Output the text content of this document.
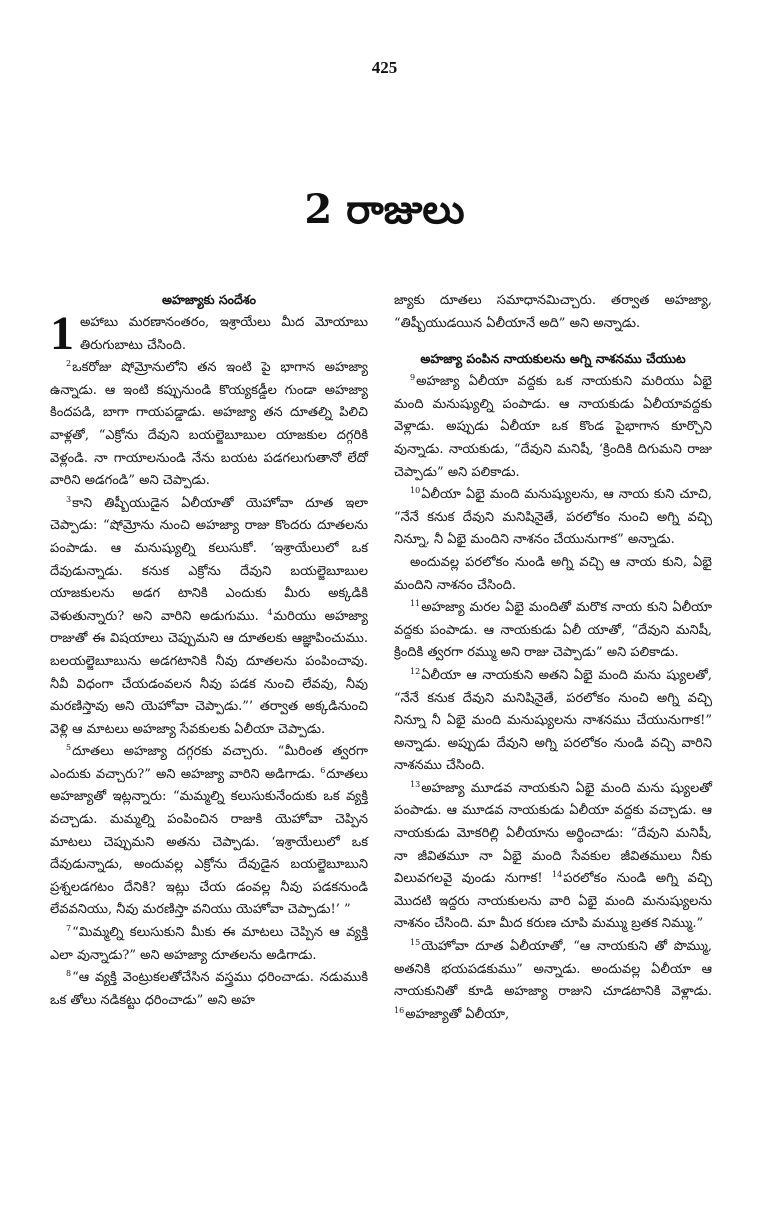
425
2 రాజులు
అహజ్యాకు సందేశం

1 అహాబు మరణానంతరం, ఇశ్రాయేలు మీద మోయాబు తిరుగుబాటు చేసింది.

$^2$ఒకరోజు షోమ్రోనులోని తన ఇంటి పై భాగాన అహజ్యా ఉన్నాడు. ఆ ఇంటి కప్పునుండి కొయ్యకడ్డీల గుండా అహజ్యా కిందపడి, బాగా గాయపడ్డాడు. అహజ్యా తన దూతల్ని పిలిచి వాళ్లతో, “ఎక్రోను దేవుని బయల్జెబూబుల యాజకుల దగ్గరికి వెళ్లండి. నా గాయాలనుండి నేను బయట పడగలుగుతానో లేదో వారిని అడగండి” అని చెప్పాడు.

$^3$కాని తిష్బీయుడైన ఏలీయాతో యెహోవా దూత ఇలా చెప్పాడు: “షోమ్రోను నుంచి అహజ్యా రాజు కొందరు దూతలను పంపాడు. ఆ మనుష్యుల్ని కలుసుకో. ‘ఇశ్రాయేలులో ఒక దేవుడున్నాడు. కనుక ఎక్రోను దేవుని బయల్జెబూబుల యాజకులను అడగ టానికి ఎందుకు మీరు అక్కడికి వెళుతున్నారు? అని వారిని అడుగుము. $^4$మరియు అహజ్యా రాజుతో ఈ విషయాలు చెప్పుమని ఆ దూతలకు ఆజ్ఞాపించుము. బలయల్జెబూబును అడగటానికి నీవు దూతలను పంపించావు. నీవీ విధంగా చేయడంవలన నీవు పడక నుంచి లేవవు, నీవు మరణిస్తావు అని యెహోవా చెప్పాడు.”’ తర్వాత అక్కడినుంచి వెళ్లి ఆ మాటలు అహజ్యా సేవకులకు ఏలీయా చెప్పాడు.

$^5$దూతలు అహజ్యా దగ్గరకు వచ్చారు. “మీరింత త్వరగా ఎందుకు వచ్చారు?” అని అహజ్యా వారిని అడిగాడు. $^6$దూతలు అహజ్యాతో ఇట్లన్నారు: “మమ్మల్ని కలుసుకునేందుకు ఒక వ్యక్తి వచ్చాడు. మమ్మల్ని పంపించిన రాజుకి యెహోవా చెప్పిన మాటలు చెప్పుమని అతను చెప్పాడు. ‘ఇశ్రాయేలులో ఒక దేవుడున్నాడు, అందువల్ల ఎక్రోను దేవుడైన బయల్జెబూబుని ప్రశ్నలడగటం దేనికి? ఇట్లు చేయ డంవల్ల నీవు పడకనుండి లేవవనియు, నీవు మరణిస్తా వనియు యెహోవా చెప్పాడు!’ ”

$^7$“మిమ్మల్ని కలుసుకుని మీకు ఈ మాటలు చెప్పిన ఆ వ్యక్తి ఎలా వున్నాడు?” అని అహజ్యా దూతలను అడిగాడు.

$^8$“ఆ వ్యక్తి వెంట్రుకలతోచేసిన వస్త్రము ధరించాడు. నడుముకి ఒక తోలు నడికట్టు ధరించాడు” అని అహ

జ్యాకు దూతలు సమాధానమిచ్చారు. తర్వాత అహజ్యా, “తిష్బీయుడయిన ఏలీయానే అది” అని అన్నాడు.

అహజ్యా పంపిన నాయకులను అగ్ని నాశనము చేయుట

$^9$అహజ్యా ఏలీయా వద్దకు ఒక నాయకుని మరియు ఏభై మంది మనుష్యుల్ని పంపాడు. ఆ నాయకుడు ఏలీయావద్దకు వెళ్లాడు. అప్పుడు ఏలీయా ఒక కొండ పైభాగాన కూర్చొని వున్నాడు. నాయకుడు, “దేవుని మనిషీ, ‘క్రిందికి దిగుమని రాజు చెప్పాడు” అని పలికాడు.

$^{10}$ఏలీయా ఏభై మంది మనుష్యులను, ఆ నాయ కుని చూచి, “నేనే కనుక దేవుని మనిషినైతే, పరలోకం నుంచి అగ్ని వచ్చి నిన్నూ, నీ ఏభై మందిని నాశనం చేయునుగాక” అన్నాడు.

అందువల్ల పరలోకం నుండి అగ్ని వచ్చి ఆ నాయ కుని, ఏభై మందిని నాశనం చేసింది.

$^{11}$అహజ్యా మరల ఏభై మందితో మరొక నాయ కుని ఏలీయా వద్దకు పంపాడు. ఆ నాయకుడు ఏలీ యాతో, “దేవుని మనిషీ, క్రిందికి త్వరగా రమ్ము అని రాజు చెప్పాడు” అని పలికాడు.

$^{12}$ఏలీయా ఆ నాయకుని అతని ఏభై మంది మను ష్యులతో, “నేనే కనుక దేవుని మనిషినైతే, పరలోకం నుంచి అగ్ని వచ్చి నిన్నూ నీ ఏభై మంది మనుష్యులను నాశనము చేయునుగాక!” అన్నాడు. అప్పుడు దేవుని అగ్ని పరలోకం నుండి వచ్చి వారిని నాశనము చేసింది.

$^{13}$అహజ్యా మూడవ నాయకుని ఏభై మంది మను ష్యులతో పంపాడు. ఆ మూడవ నాయకుడు ఏలీయా వద్దకు వచ్చాడు. ఆ నాయకుడు మోకరిల్లి ఏలీయాను అర్థించాడు: “దేవుని మనిషీ, నా జీవితమూ నా ఏభై మంది సేవకుల జీవితములు నీకు విలువగలవై వుండు నుగాక! $^{14}$పరలోకం నుండి అగ్ని వచ్చి మొదటి ఇద్దరు నాయకులను వారి ఏభై మంది మనుష్యులను నాశనం చేసింది. మా మీద కరుణ చూపి మమ్ము బ్రతక నిమ్ము.”

$^{15}$యెహోవా దూత ఏలీయాతో, “ఆ నాయకుని తో పొమ్ము, అతనికి భయపడకుము” అన్నాడు. అందువల్ల ఏలీయా ఆ నాయకునితో కూడి అహజ్యా రాజుని చూడటానికి వెళ్లాడు. $^{16}$అహజ్యాతో ఏలీయా,
